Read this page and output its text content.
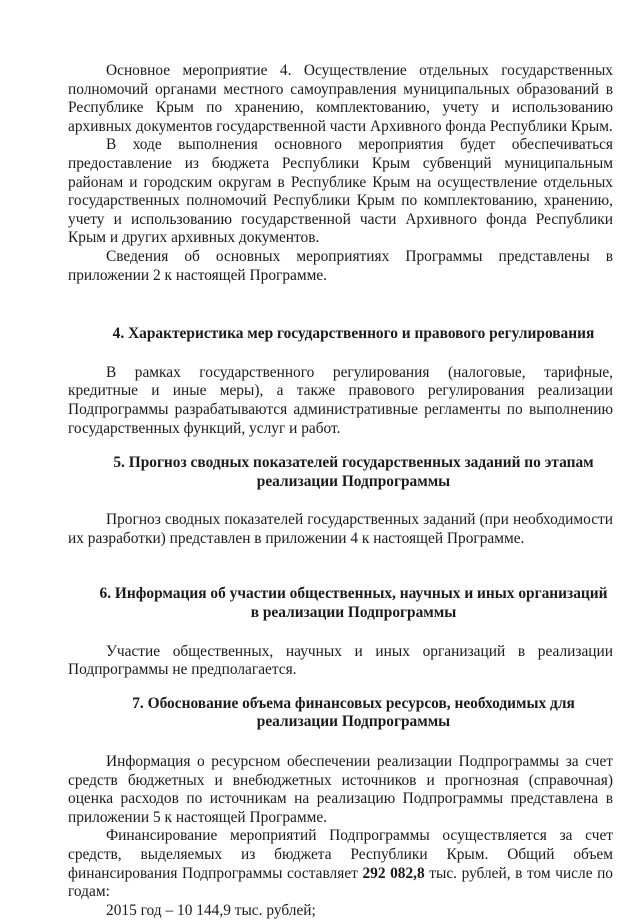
Основное мероприятие 4. Осуществление отдельных государственных полномочий органами местного самоуправления муниципальных образований в Республике Крым по хранению, комплектованию, учету и использованию архивных документов государственной части Архивного фонда Республики Крым.

В ходе выполнения основного мероприятия будет обеспечиваться предоставление из бюджета Республики Крым субвенций муниципальным районам и городским округам в Республике Крым на осуществление отдельных государственных полномочий Республики Крым по комплектованию, хранению, учету и использованию государственной части Архивного фонда Республики Крым и других архивных документов.

Сведения об основных мероприятиях Программы представлены в приложении 2 к настоящей Программе.

4. Характеристика мер государственного и правового регулирования

В рамках государственного регулирования (налоговые, тарифные, кредитные и иные меры), а также правового регулирования реализации Подпрограммы разрабатываются административные регламенты по выполнению государственных функций, услуг и работ.

5. Прогноз сводных показателей государственных заданий по этапам
реализации Подпрограммы

Прогноз сводных показателей государственных заданий (при необходимости их разработки) представлен в приложении 4 к настоящей Программе.

6. Информация об участии общественных, научных и иных организаций
в реализации Подпрограммы

Участие общественных, научных и иных организаций в реализации Подпрограммы не предполагается.

7. Обоснование объема финансовых ресурсов, необходимых для
реализации Подпрограммы

Информация о ресурсном обеспечении реализации Подпрограммы за счет средств бюджетных и внебюджетных источников и прогнозная (справочная) оценка расходов по источникам на реализацию Подпрограммы представлена в приложении 5 к настоящей Программе.

Финансирование мероприятий Подпрограммы осуществляется за счет средств, выделяемых из бюджета Республики Крым. Общий объем финансирования Подпрограммы составляет 292 082,8 тыс. рублей, в том числе по годам:

2015 год – 10 144,9 тыс. рублей;
